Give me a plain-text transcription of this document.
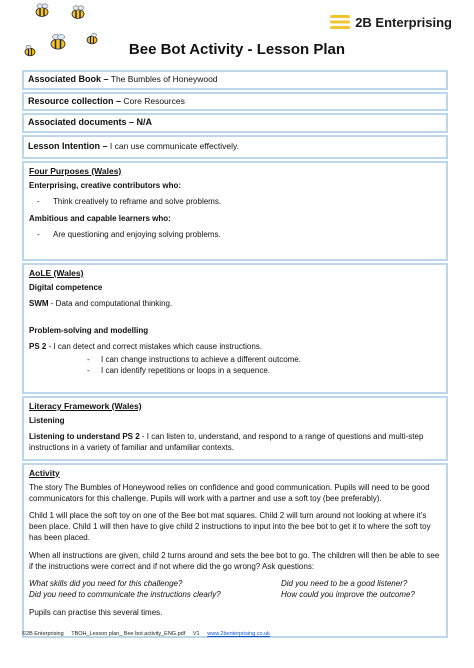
2B Enterprising
Bee Bot Activity - Lesson Plan
Associated Book – The Bumbles of Honeywood
Resource collection – Core Resources
Associated documents – N/A
Lesson Intention – I can use communicate effectively.
Four Purposes (Wales)
Enterprising, creative contributors who:
- Think creatively to reframe and solve problems.
Ambitious and capable learners who:
- Are questioning and enjoying solving problems.
AoLE (Wales)
Digital competence

SWM - Data and computational thinking.

Problem-solving and modelling

PS 2 - I can detect and correct mistakes which cause instructions.

- I can change instructions to achieve a different outcome.
- I can identify repetitions or loops in a sequence.
Literacy Framework (Wales)
Listening

Listening to understand PS 2 - I can listen to, understand, and respond to a range of questions and multi-step instructions in a variety of familiar and unfamiliar contexts.

Activity

The story The Bumbles of Honeywood relies on confidence and good communication. Pupils will need to be good communicators for this challenge. Pupils will work with a partner and use a soft toy (bee preferably).

Child 1 will place the soft toy on one of the Bee bot mat squares. Child 2 will turn around not looking at where it’s been place. Child 1 will then have to give child 2 instructions to input into the bee bot to get it to where the soft toy has been placed.

When all instructions are given, child 2 turns around and sets the bee bot to go. The children will then be able to see if the instructions were correct and if not where did the go wrong? Ask questions:

What skills did you need for this challenge?	Did you need to be a good listener?
Did you need to communicate the instructions clearly?	How could you improve the outcome?

Pupils can practise this several times.

©2B Enterprising TBOH_Lesson plan_ Bee bot activity_ENG.pdf V1 www.2benterprising.co.uk
